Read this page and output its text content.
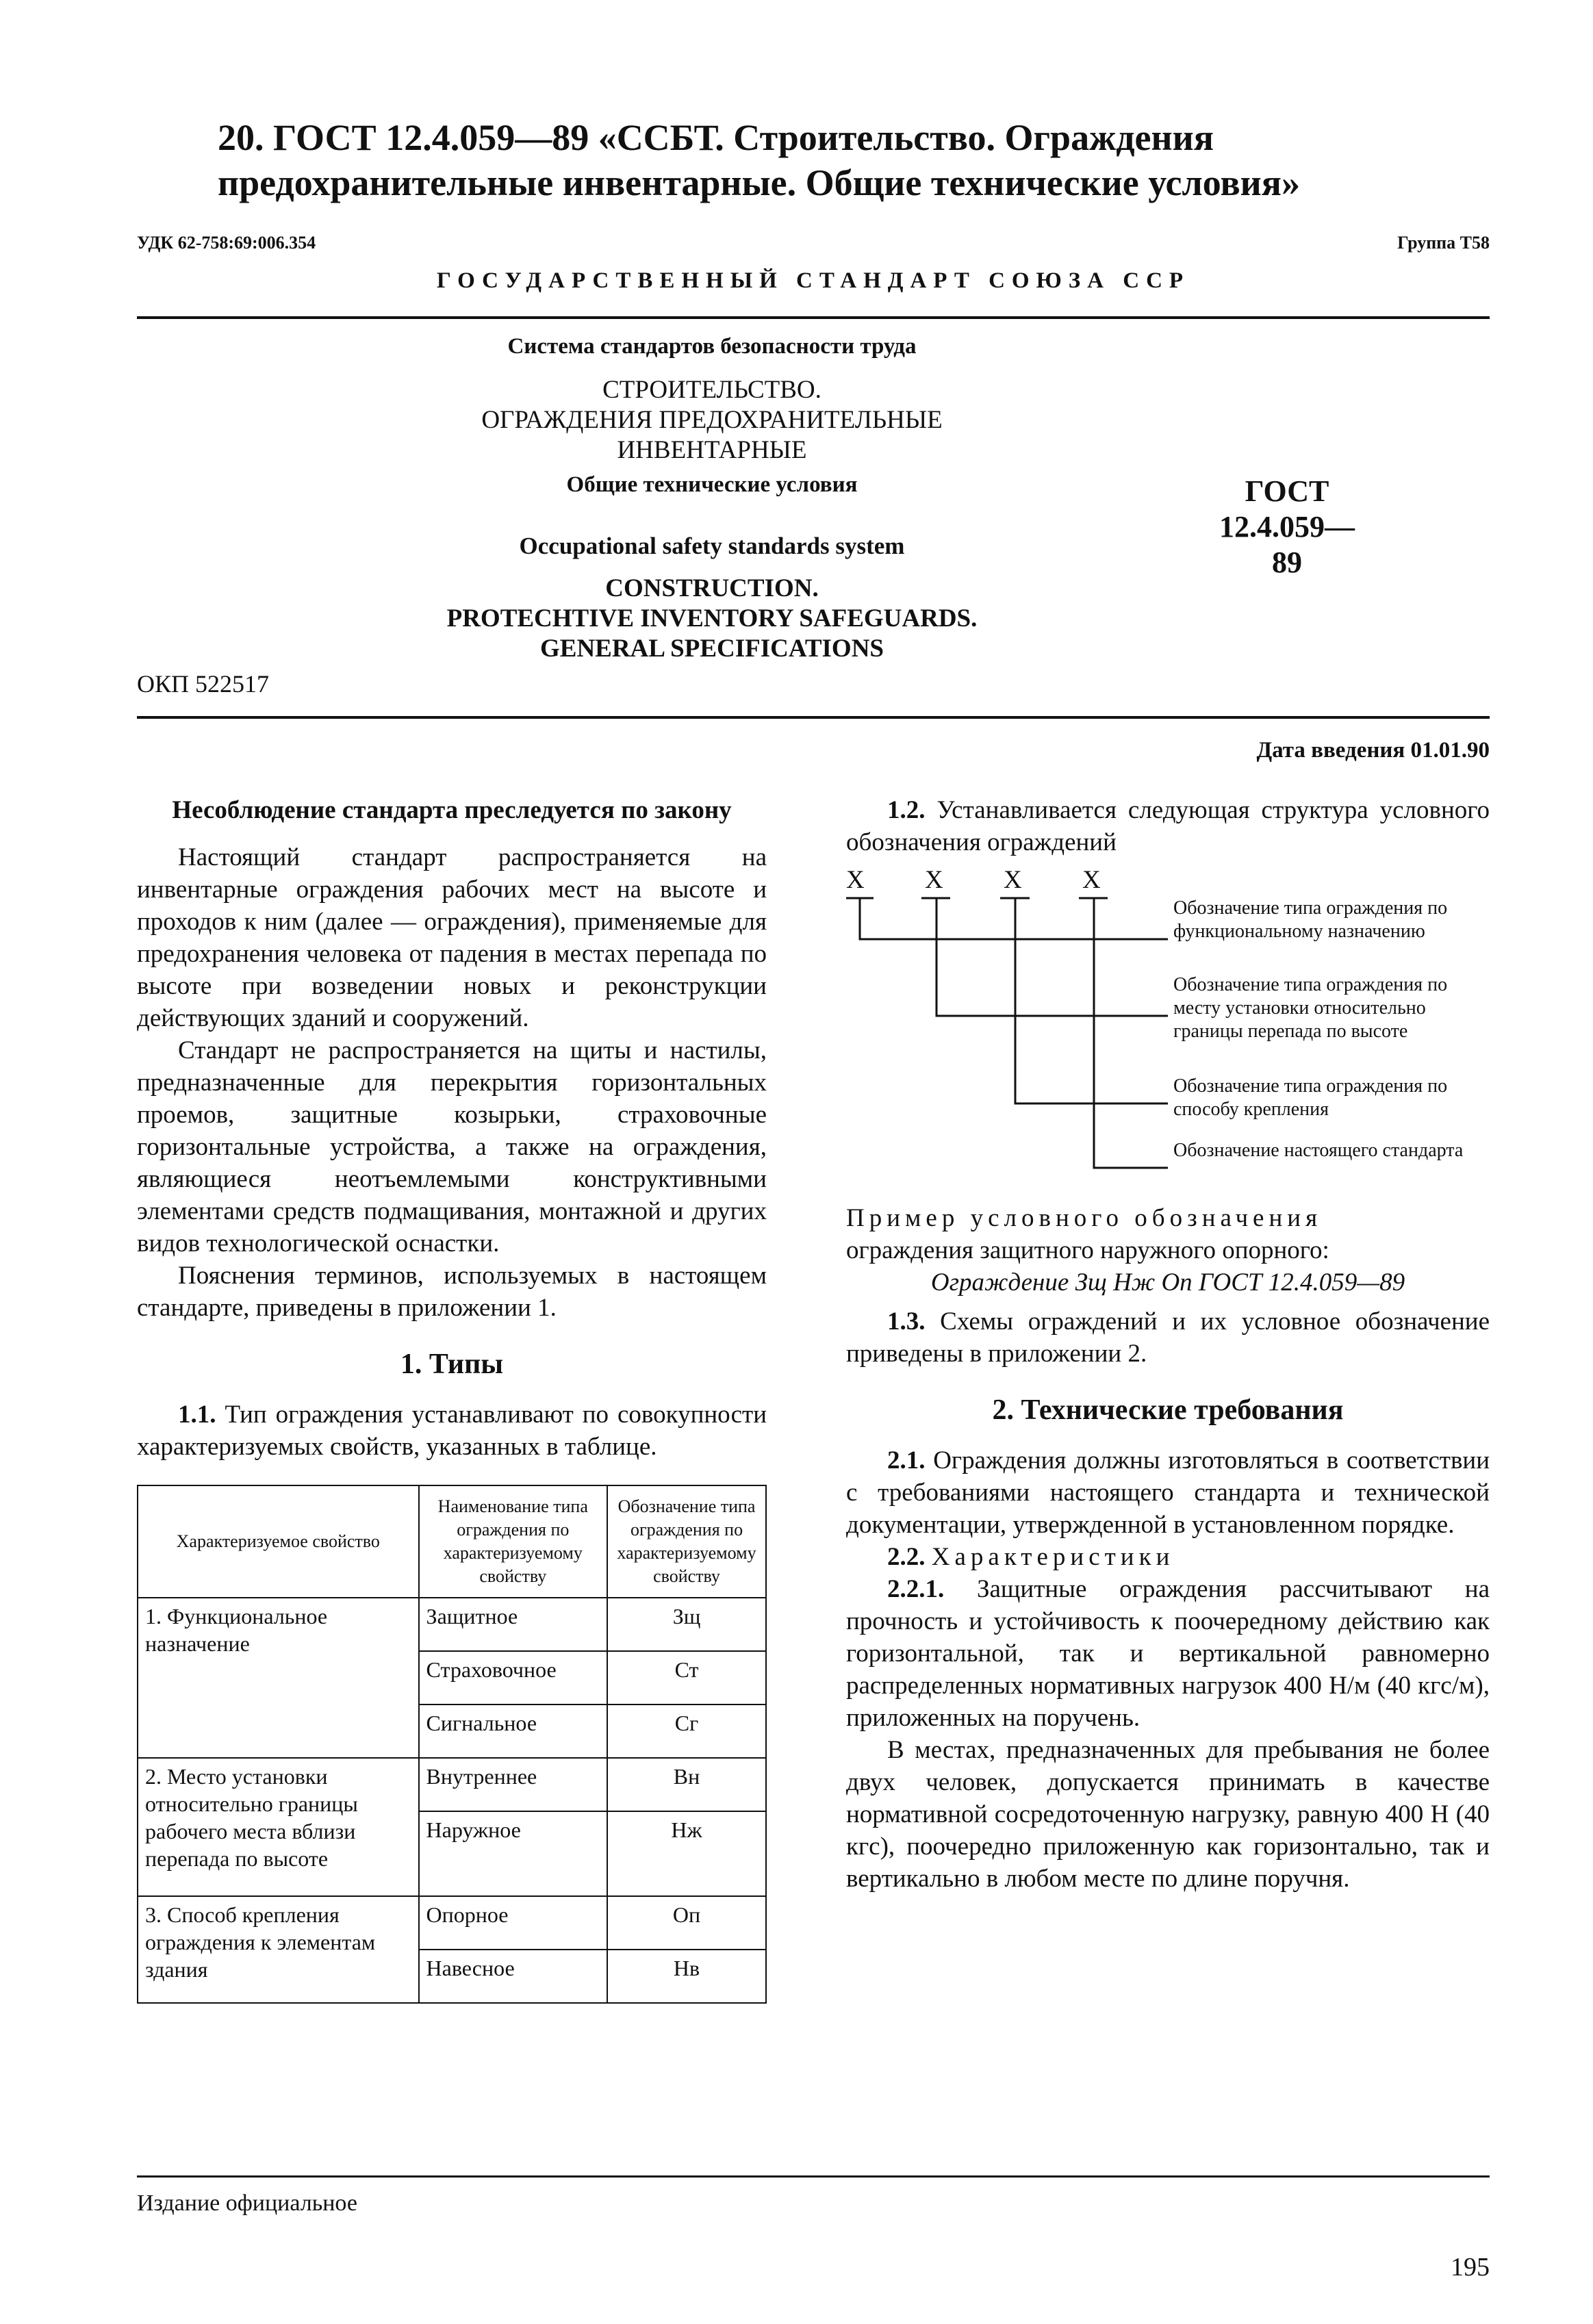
20. ГОСТ 12.4.059—89 «ССБТ. Строительство. Ограждения предохранительные инвентарные. Общие технические условия»
УДК 62-758:69:006.354	Группа Т58
ГОСУДАРСТВЕННЫЙ СТАНДАРТ СОЮЗА ССР
Система стандартов безопасности труда
СТРОИТЕЛЬСТВО.
ОГРАЖДЕНИЯ ПРЕДОХРАНИТЕЛЬНЫЕ
ИНВЕНТАРНЫЕ
Общие технические условия
Occupational safety standards system
CONSTRUCTION.
PROTECHTIVE INVENTORY SAFEGUARDS.
GENERAL SPECIFICATIONS
ГОСТ
12.4.059—89
ОКП 522517
Дата введения 01.01.90

Несоблюдение стандарта преследуется по закону

Настоящий стандарт распространяется на инвентарные ограждения рабочих мест на высоте и проходов к ним (далее — ограждения), применяемые для предохранения человека от падения в местах перепада по высоте при возведении новых и реконструкции действующих зданий и сооружений.

Стандарт не распространяется на щиты и настилы, предназначенные для перекрытия горизонтальных проемов, защитные козырьки, страховочные горизонтальные устройства, а также на ограждения, являющиеся неотъемлемыми конструктивными элементами средств подмащивания, монтажной и других видов технологической оснастки.

Пояснения терминов, используемых в настоящем стандарте, приведены в приложении 1.

1. Типы

1.1. Тип ограждения устанавливают по совокупности характеризуемых свойств, указанных в таблице.

Характеризуемое свойство	Наименование типа ограждения по характеризуемому свойству	Обозначение типа ограждения по характеризуемому свойству
1. Функциональное назначение	Защитное	Зщ
	Страховочное	Ст
	Сигнальное	Сг
2. Место установки относительно границы рабочего места вблизи перепада по высоте	Внутреннее	Вн
	Наружное	Нж
3. Способ крепления ограждения к элементам здания	Опорное	Оп
	Навесное	Нв

1.2. Устанавливается следующая структура условного обозначения ограждений

Х Х Х Х
Обозначение типа ограждения по функциональному назначению
Обозначение типа ограждения по месту установки относительно границы перепада по высоте
Обозначение типа ограждения по способу крепления
Обозначение настоящего стандарта

Пример условного обозначения

ограждения защитного наружного опорного:

Ограждение Зщ Нж Оп ГОСТ 12.4.059—89

1.3. Схемы ограждений и их условное обозначение приведены в приложении 2.

2. Технические требования

2.1. Ограждения должны изготовляться в соответствии с требованиями настоящего стандарта и технической документации, утвержденной в установленном порядке.

2.2. Характеристики

2.2.1. Защитные ограждения рассчитывают на прочность и устойчивость к поочередному действию как горизонтальной, так и вертикальной равномерно распределенных нормативных нагрузок 400 Н/м (40 кгс/м), приложенных на поручень.

В местах, предназначенных для пребывания не более двух человек, допускается принимать в качестве нормативной сосредоточенную нагрузку, равную 400 Н (40 кгс), поочередно приложенную как горизонтально, так и вертикально в любом месте по длине поручня.

Издание официальное
195
